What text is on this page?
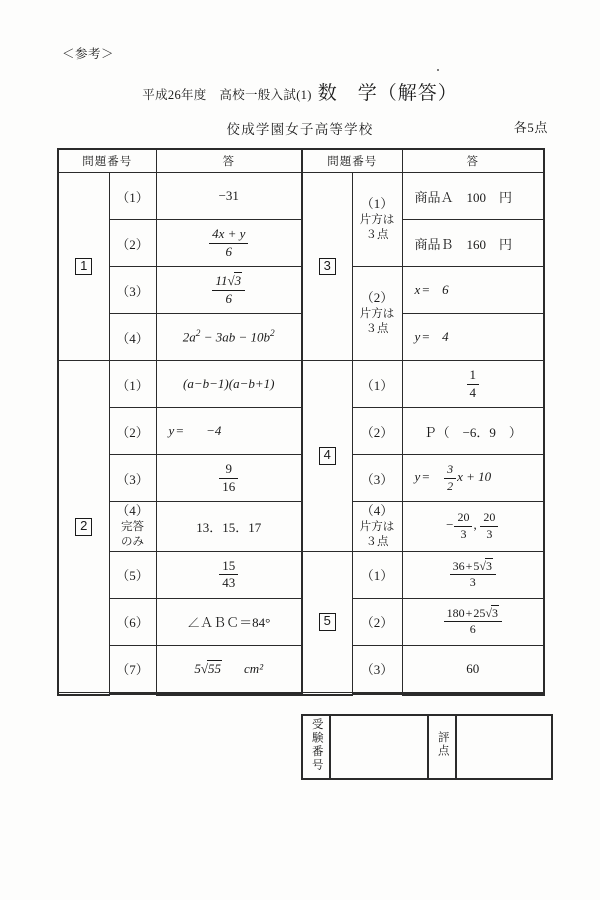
＜参考＞
平成26年度　高校一般入試(1) 数　学（解答）
佼成学園女子高等学校	各5点
問題番号		答
1	（1）	−31
	（2）	$\frac{4x + y}{6}$

	（3）	$\frac{11√3}{6}$

	（4）	$2a^2 - 3ab - 10b^2$
2	（1）	(a−b−1)(a−b+1)
	（2）	y = −4
	（3）	$\frac{9}{16}$

	（4）
完答
のみ	13．15．17
	（5）	$\frac{15}{43}$

	（6）	∠ＡＢＣ＝84°
	（7）	5√55 cm²

問題番号		答
3	（1）
片方は
３点	商品Ａ　100　円
		商品Ｂ　160　円
	（2）
片方は
３点	x = 6
		y = 4
4	（1）	$\frac{1}{4}$

	（2）	Ｐ（　−6．9　）
	（3）	y =  $\frac{3}{2}$ x + 10
（4）
片方は
３点
	− $\frac{20}{3}$ ,  $\frac{20}{3}$

5	（1）	$\frac{36 + 5√3}{3}$

	（2）	$\frac{180 + 25√3}{6}$

	（3）	60

受験番号		評点	
